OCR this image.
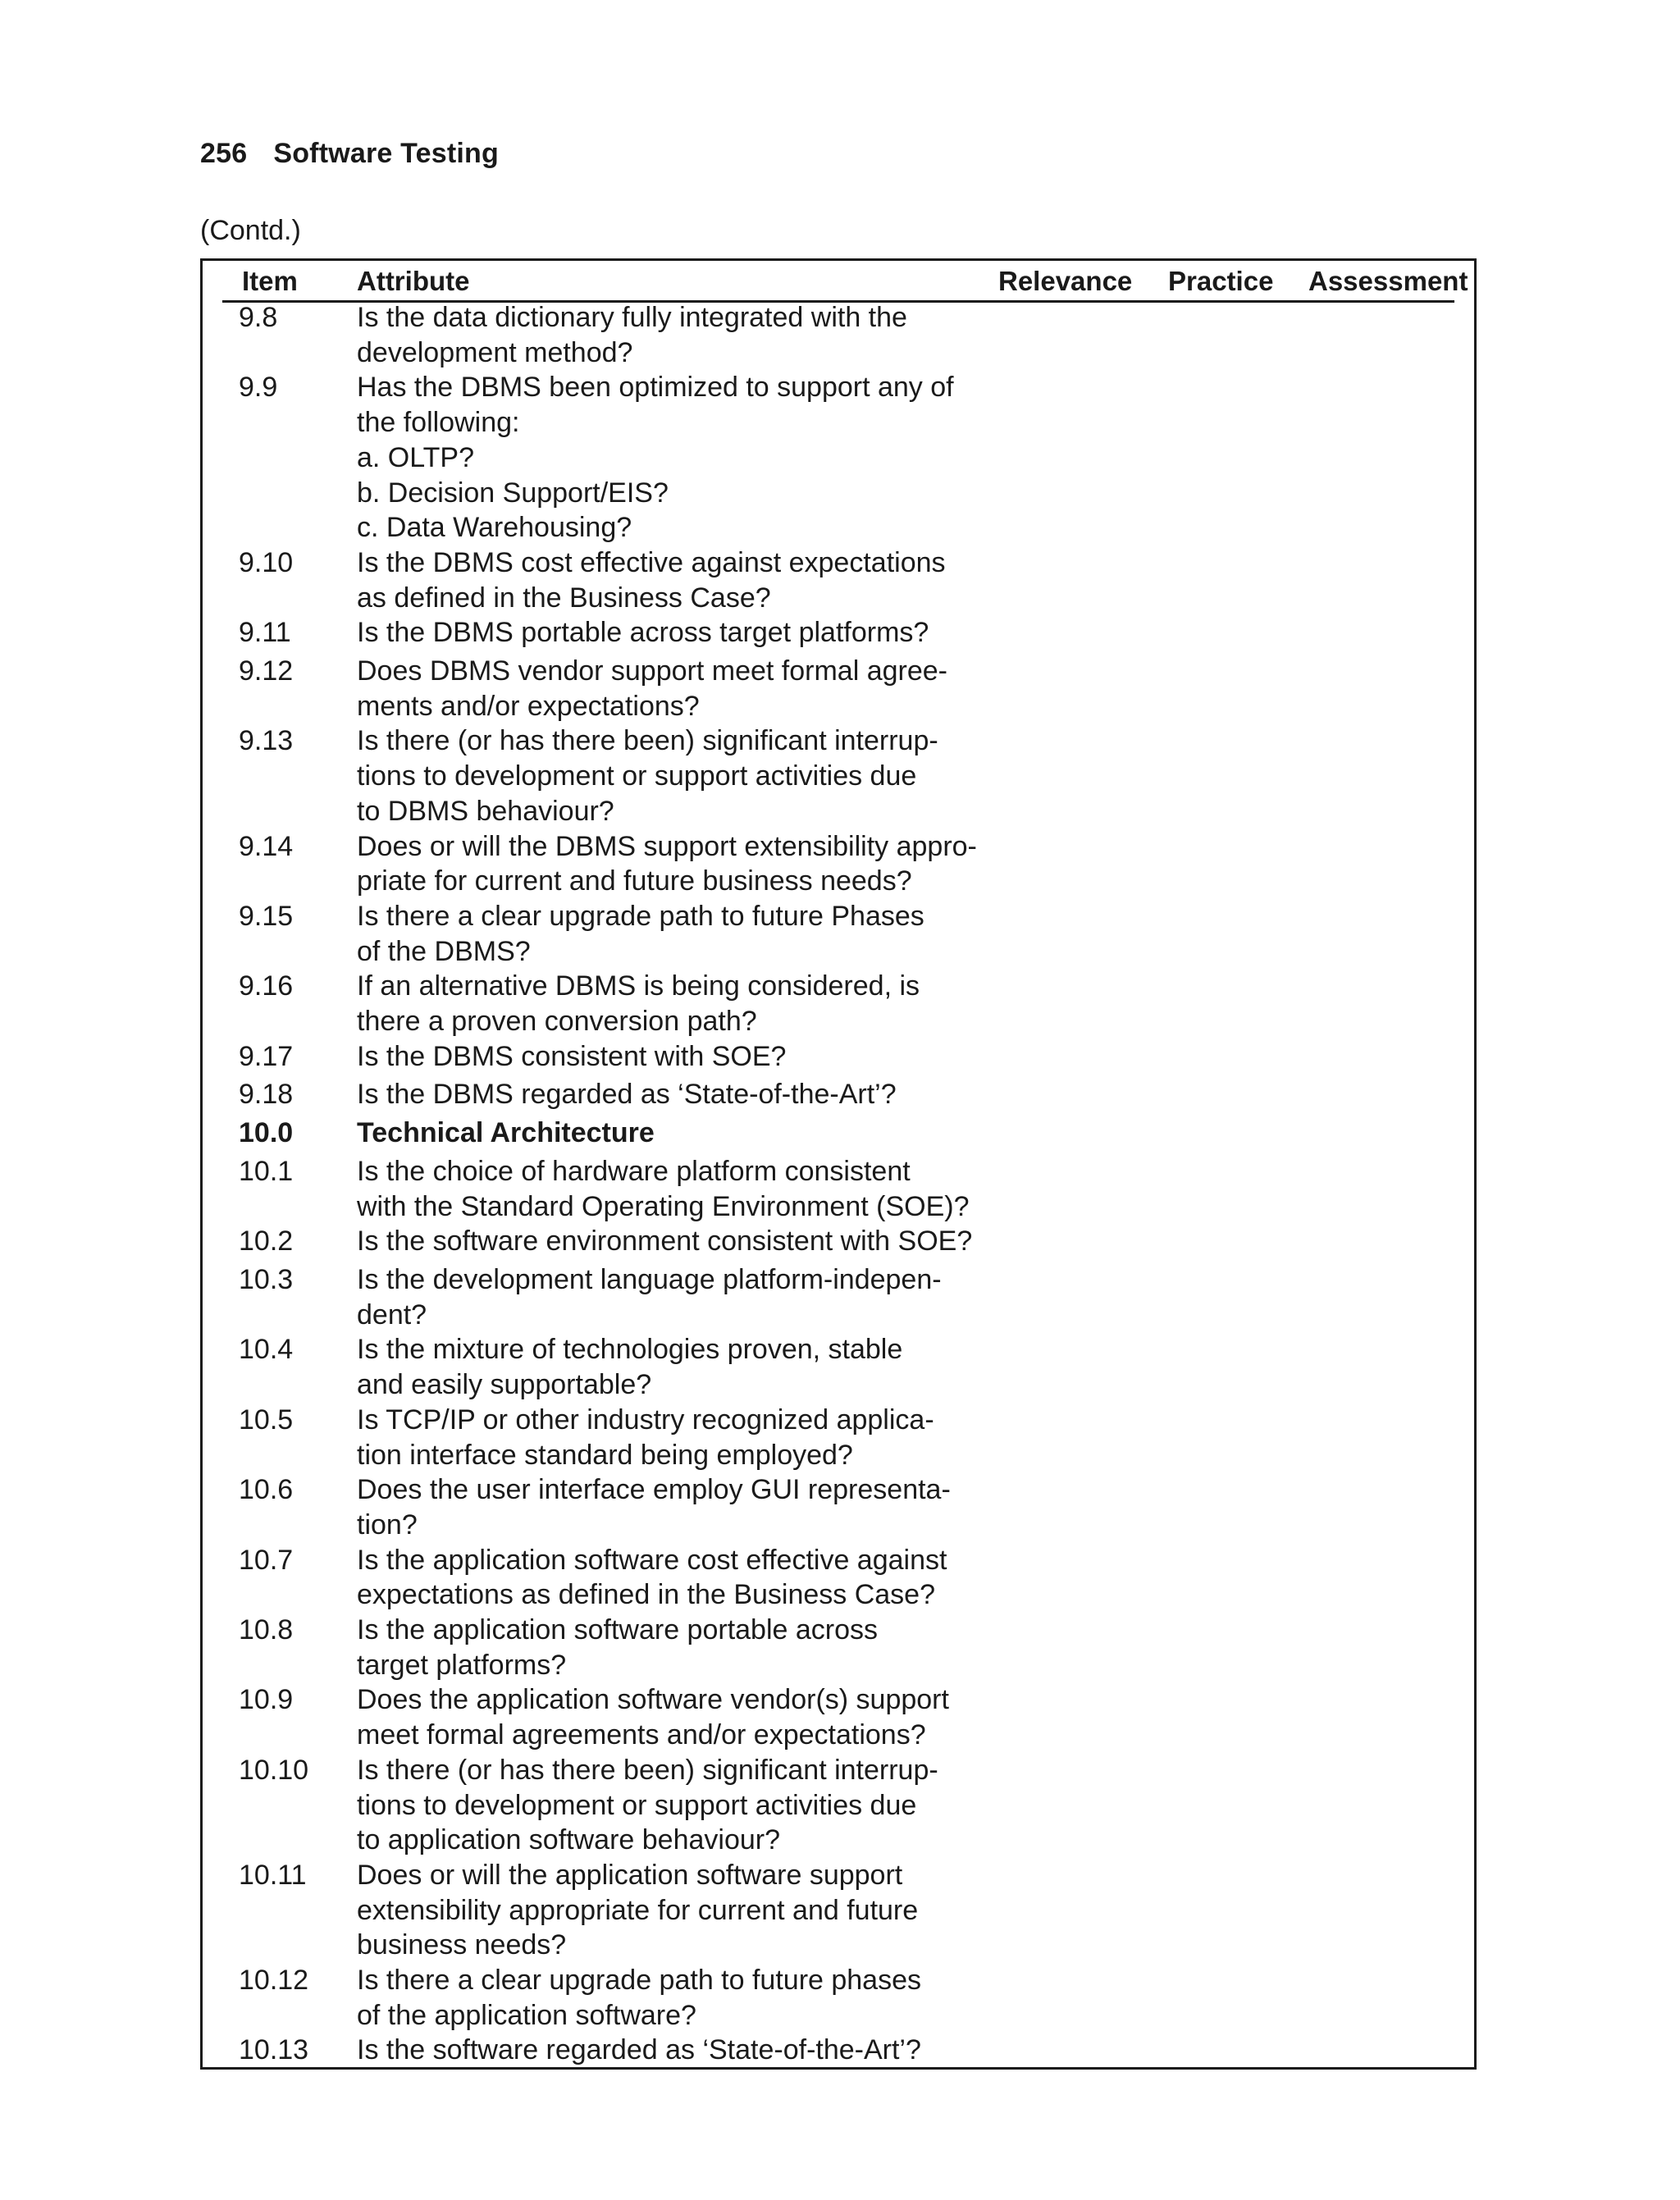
256 Software Testing
(Contd.)
Item Attribute	Relevance Practice Assessment
9.8	Is the data dictionary fully integrated with the
development method?
9.9	Has the DBMS been optimized to support any of
the following:
a. OLTP?
b. Decision Support/EIS?
c. Data Warehousing?
9.10	Is the DBMS cost effective against expectations
as defined in the Business Case?
9.11	Is the DBMS portable across target platforms?
9.12	Does DBMS vendor support meet formal agree-
ments and/or expectations?
9.13	Is there (or has there been) significant interrup-
tions to development or support activities due
to DBMS behaviour?
9.14	Does or will the DBMS support extensibility appro-
priate for current and future business needs?
9.15	Is there a clear upgrade path to future Phases
of the DBMS?
9.16	If an alternative DBMS is being considered, is
there a proven conversion path?
9.17	Is the DBMS consistent with SOE?
9.18	Is the DBMS regarded as ‘State-of-the-Art’?
10.0	Technical Architecture
10.1	Is the choice of hardware platform consistent
with the Standard Operating Environment (SOE)?
10.2	Is the software environment consistent with SOE?
10.3	Is the development language platform-indepen-
dent?
10.4	Is the mixture of technologies proven, stable
and easily supportable?
10.5	Is TCP/IP or other industry recognized applica-
tion interface standard being employed?
10.6	Does the user interface employ GUI representa-
tion?
10.7	Is the application software cost effective against
expectations as defined in the Business Case?
10.8	Is the application software portable across
target platforms?
10.9	Does the application software vendor(s) support
meet formal agreements and/or expectations?
10.10	Is there (or has there been) significant interrup-
tions to development or support activities due
to application software behaviour?
10.11	Does or will the application software support
extensibility appropriate for current and future
business needs?
10.12	Is there a clear upgrade path to future phases
of the application software?
10.13	Is the software regarded as ‘State-of-the-Art’?
